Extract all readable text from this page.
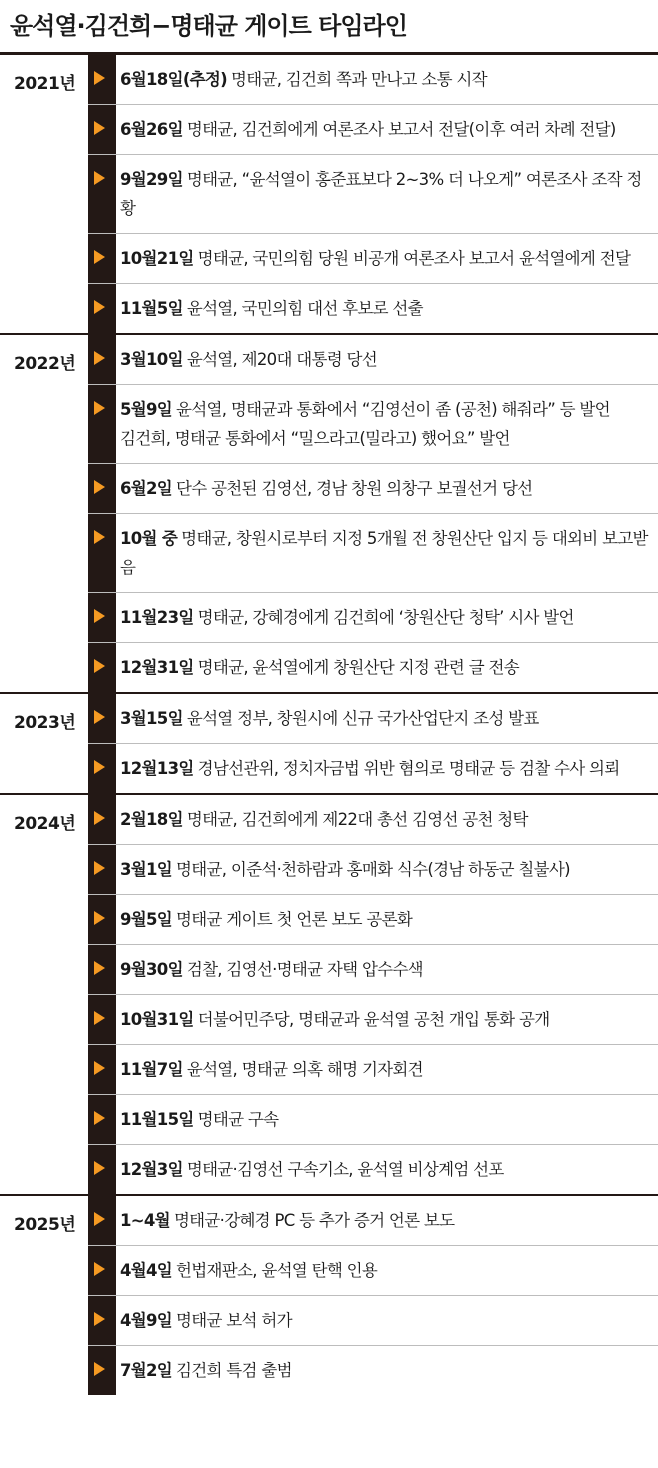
윤석열·김건희−명태균 게이트 타임라인
2021년	6월18일(추정) 명태균, 김건희 쪽과 만나고 소통 시작
6월26일 명태균, 김건희에게 여론조사 보고서 전달(이후 여러 차례 전달)
9월29일 명태균, “윤석열이 홍준표보다 2∼3% 더 나오게” 여론조사 조작 정황
10월21일 명태균, 국민의힘 당원 비공개 여론조사 보고서 윤석열에게 전달
11월5일 윤석열, 국민의힘 대선 후보로 선출
2022년	3월10일 윤석열, 제20대 대통령 당선
5월9일 윤석열, 명태균과 통화에서 “김영선이 좀 (공천) 해줘라” 등 발언
김건희, 명태균 통화에서 “밀으라고(밀라고) 했어요” 발언
6월2일 단수 공천된 김영선, 경남 창원 의창구 보궐선거 당선
10월 중 명태균, 창원시로부터 지정 5개월 전 창원산단 입지 등 대외비 보고받음
11월23일 명태균, 강혜경에게 김건희에 ‘창원산단 청탁’ 시사 발언
12월31일 명태균, 윤석열에게 창원산단 지정 관련 글 전송
2023년	3월15일 윤석열 정부, 창원시에 신규 국가산업단지 조성 발표
12월13일 경남선관위, 정치자금법 위반 혐의로 명태균 등 검찰 수사 의뢰
2024년	2월18일 명태균, 김건희에게 제22대 총선 김영선 공천 청탁
3월1일 명태균, 이준석·천하람과 홍매화 식수(경남 하동군 칠불사)
9월5일 명태균 게이트 첫 언론 보도 공론화
9월30일 검찰, 김영선·명태균 자택 압수수색
10월31일 더불어민주당, 명태균과 윤석열 공천 개입 통화 공개
11월7일 윤석열, 명태균 의혹 해명 기자회견
11월15일 명태균 구속
12월3일 명태균·김영선 구속기소, 윤석열 비상계엄 선포
2025년	1∼4월 명태균·강혜경 PC 등 추가 증거 언론 보도
4월4일 헌법재판소, 윤석열 탄핵 인용
4월9일 명태균 보석 허가
7월2일 김건희 특검 출범
